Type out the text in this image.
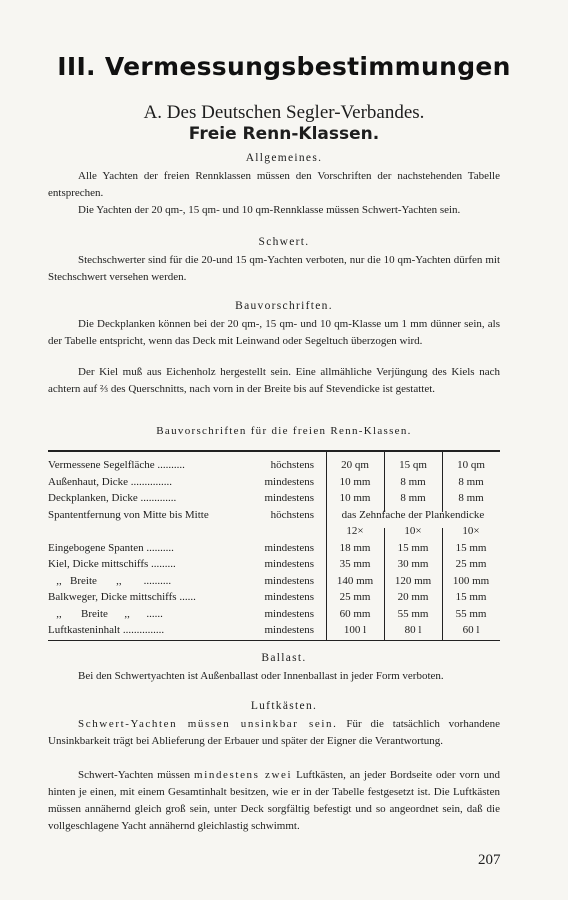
III. Vermessungsbestimmungen
A. Des Deutschen Segler-Verbandes.
Freie Renn-Klassen.
Allgemeines.

Alle Yachten der freien Rennklassen müssen den Vorschriften der nachstehenden Tabelle entsprechen.

Die Yachten der 20 qm-, 15 qm- und 10 qm-Rennklasse müssen Schwert-Yachten sein.

Schwert.

Stechschwerter sind für die 20-und 15 qm-Yachten verboten, nur die 10 qm-Yachten dürfen mit Stechschwert versehen werden.

Bauvorschriften.

Die Deckplanken können bei der 20 qm-, 15 qm- und 10 qm-Klasse um 1 mm dünner sein, als der Tabelle entspricht, wenn das Deck mit Leinwand oder Segeltuch überzogen wird.

Der Kiel muß aus Eichenholz hergestellt sein. Eine allmähliche Verjüngung des Kiels nach achtern auf ⅔ des Querschnitts, nach vorn in der Breite bis auf Stevendicke ist gestattet.

Bauvorschriften für die freien Renn-Klassen.
Vermessene Segelfläche ..........	höchstens	20 qm	15 qm	10 qm
Außenhaut, Dicke ...............	mindestens	10 mm	8 mm	8 mm
Deckplanken, Dicke .............	mindestens	10 mm	8 mm	8 mm
Spantentfernung von Mitte bis Mitte	höchstens	das Zehnfache der Plankendicke
12×	10×	10×
Eingebogene Spanten ..........	mindestens	18 mm	15 mm	15 mm
Kiel, Dicke mittschiffs .........	mindestens	35 mm	30 mm	25 mm
,,   Breite       ,,        ..........	mindestens	140 mm	120 mm	100 mm
Balkweger, Dicke mittschiffs ......	mindestens	25 mm	20 mm	15 mm
,,       Breite      ,,      ......	mindestens	60 mm	55 mm	55 mm
Luftkasteninhalt ...............	mindestens	100 l	80 l	60 l
Ballast.

Bei den Schwertyachten ist Außenballast oder Innenballast in jeder Form verboten.

Luftkästen.

Schwert-Yachten müssen unsinkbar sein. Für die tatsächlich vorhandene Unsinkbarkeit trägt bei Ablieferung der Erbauer und später der Eigner die Verantwortung.

Schwert-Yachten müssen mindestens zwei Luftkästen, an jeder Bordseite oder vorn und hinten je einen, mit einem Gesamtinhalt besitzen, wie er in der Tabelle festgesetzt ist. Die Luftkästen müssen annähernd gleich groß sein, unter Deck sorgfältig befestigt und so angeordnet sein, daß die vollgeschlagene Yacht annähernd gleichlastig schwimmt.

207
